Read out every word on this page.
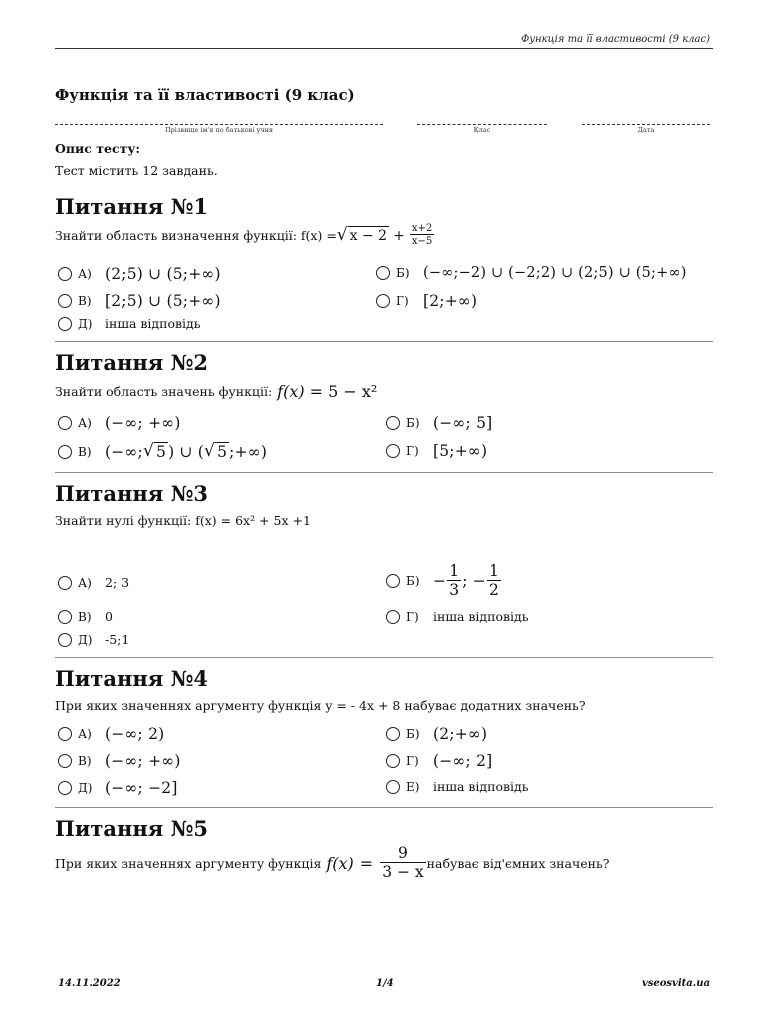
Функція та її властивості (9 клас)
Функція та її властивості (9 клас)
Прізвище ім'я по батькові учня	Клас	Дата
Опис тесту:
Тест містить 12 завдань.
Питання №1
Знайти область визначення функції: f(x) = √ $x - 2 + \frac{x+2}{x-5}$
А) (2;5) ∪ (5;+∞)	Б) (−∞;−2) ∪ (−2;2) ∪ (2;5) ∪ (5;+∞)
В) [2;5) ∪ (5;+∞)	Г) [2;+∞)
Д)	інша відповідь
Питання №2
Знайти область значень функції: f(x) = 5 − x²
А) (−∞; +∞)	Б) (−∞; 5]
В) (−∞; √ 5 ) ∪ ( √ 5 ;+∞)	Г) [5;+∞)
Питання №3
Знайти нулі функції: f(x) = 6x² + 5x +1
А)	2; 3	$Б) - \frac{1}{3}$ ; − $\frac{1}{2}$
В)	0	Г)	інша відповідь
Д)	-5;1
Питання №4
При яких значеннях аргументу функція y = - 4x + 8 набуває додатних значень?
А) (−∞; 2)	Б) (2;+∞)
В) (−∞; +∞)	Г) (−∞; 2]
Д) (−∞; −2]	Е)	інша відповідь
Питання №5
При яких значеннях аргументу функція $f(x) = \frac{9}{3 - x}$ набуває від'ємних значень?
14.11.2022	1/4	vseosvita.ua
